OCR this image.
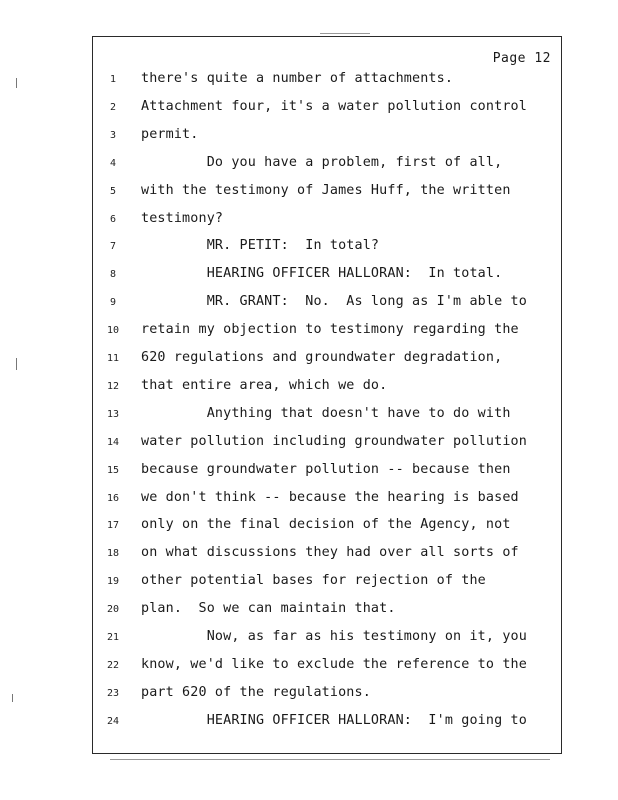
Page 12
1	there's quite a number of attachments.
2	Attachment four, it's a water pollution control
3	permit.
4	Do you have a problem, first of all,
5	with the testimony of James Huff, the written
6	testimony?
7	MR. PETIT:  In total?
8	HEARING OFFICER HALLORAN:  In total.
9	MR. GRANT:  No.  As long as I'm able to
10	retain my objection to testimony regarding the
11	620 regulations and groundwater degradation,
12	that entire area, which we do.
13	Anything that doesn't have to do with
14	water pollution including groundwater pollution
15	because groundwater pollution -- because then
16	we don't think -- because the hearing is based
17	only on the final decision of the Agency, not
18	on what discussions they had over all sorts of
19	other potential bases for rejection of the
20	plan.  So we can maintain that.
21	Now, as far as his testimony on it, you
22	know, we'd like to exclude the reference to the
23	part 620 of the regulations.
24	HEARING OFFICER HALLORAN:  I'm going to
